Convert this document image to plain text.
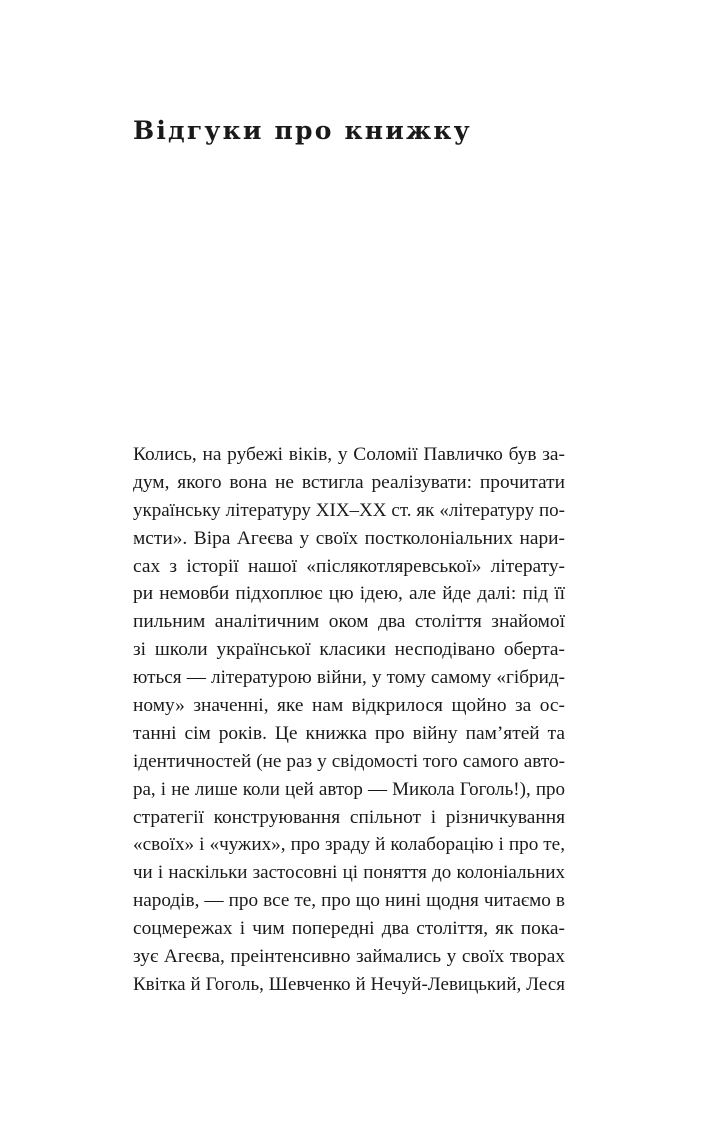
Відгуки про книжку
Колись, на рубежі віків, у Соломії Павличко був за-
дум, якого вона не встигла реалізувати: прочитати
українську літературу ХІХ–ХХ ст. як «літературу по-
мсти». Віра Агеєва у своїх постколоніальних нари-
сах з історії нашої «післякотляревської» літерату-
ри немовби підхоплює цю ідею, але йде далі: під її
пильним аналітичним оком два століття знайомої
зі школи української класики несподівано оберта-
ються — літературою війни, у тому самому «гібрид-
ному» значенні, яке нам відкрилося щойно за ос-
танні сім років. Це книжка про війну пам’ятей та
ідентичностей (не раз у свідомості того самого авто-
ра, і не лише коли цей автор — Микола Гоголь!), про
стратегії конструювання спільнот і різничкування
«своїх» і «чужих», про зраду й колаборацію і про те,
чи і наскільки застосовні ці поняття до колоніальних
народів, — про все те, про що нині щодня читаємо в
соцмережах і чим попередні два століття, як пока-
зує Агеєва, преінтенсивно займались у своїх творах
Квітка й Гоголь, Шевченко й Нечуй-Левицький, Леся
